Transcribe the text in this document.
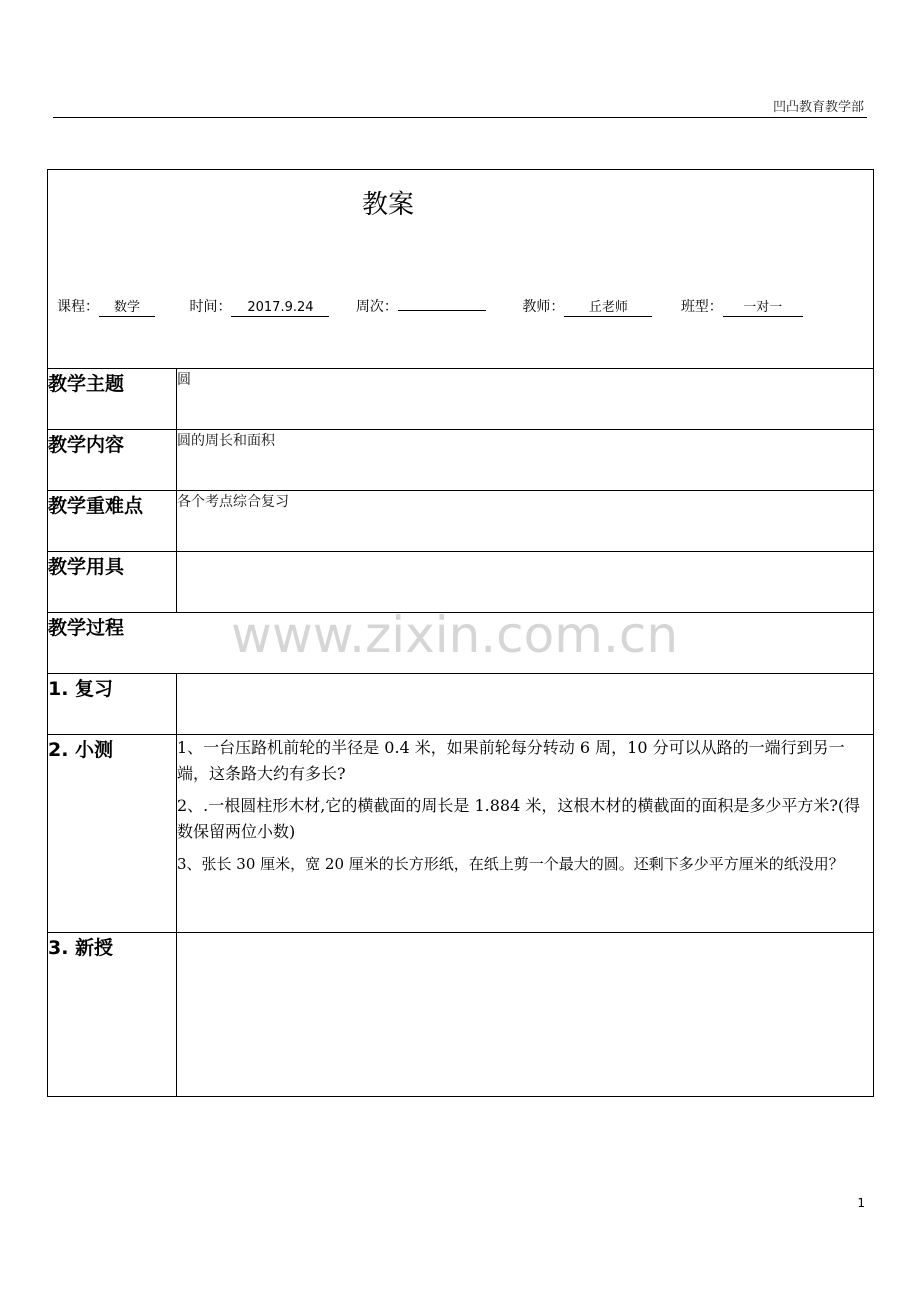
凹凸教育教学部
教案
课程： 数学 时间： 2017.9.24 周次： 教师： 丘老师 班型： 一对一	

教学主题	圆
教学内容	圆的周长和面积
教学重难点	各个考点综合复习
教学用具	
教学过程	
1. 复习	
2. 小测	1、一台压路机前轮的半径是 0.4 米，如果前轮每分转动 6 周，10 分可以从路的一端行到另一端，这条路大约有多长?

2、.一根圆柱形木材,它的横截面的周长是 1.884 米，这根木材的横截面的面积是多少平方米?(得数保留两位小数)

3、张长 30 厘米，宽 20 厘米的长方形纸，在纸上剪一个最大的圆。还剩下多少平方厘米的纸没用？

3. 新授	
www.zixin.com.cn
1
